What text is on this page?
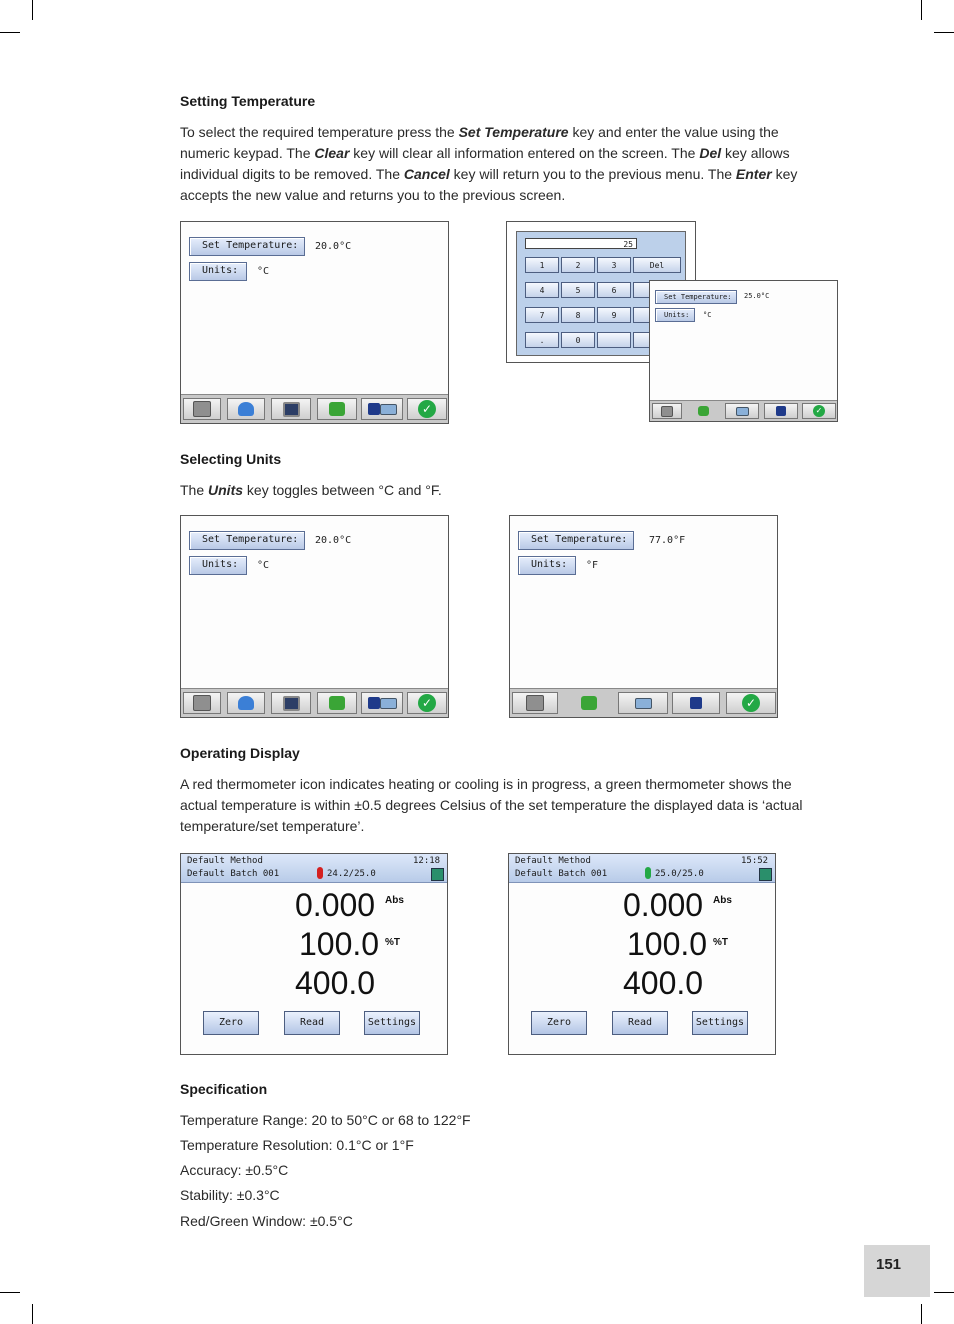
Setting Temperature

To select the required temperature press the Set Temperature key and enter the value using the numeric keypad. The Clear key will clear all information entered on the screen. The Del key allows individual digits to be removed. The Cancel key will return you to the previous menu. The Enter key accepts the new value and returns you to the previous screen.

Set Temperature:	20.0°C
Units:	°C
✓
25
1	2	3	Del
4	5	6
7	8	9
.	0
Set Temperature:	25.0°C
Units:	°C
✓
Selecting Units

The Units key toggles between °C and °F.

Set Temperature:	20.0°C
Units:	°C
✓
Set Temperature:	77.0°F
Units:	°F
✓
Operating Display

A red thermometer icon indicates heating or cooling is in progress, a green thermometer shows the actual temperature is within ±0.5 degrees Celsius of the set temperature the displayed data is ‘actual temperature/set temperature’.

Default Method
Default Batch 001	24.2/25.0
12:18
0.000 Abs
100.0 %T
400.0
Zero	Read	Settings
Default Method
Default Batch 001	25.0/25.0
15:52
0.000 Abs
100.0 %T
400.0
Zero	Read	Settings
Specification
Temperature Range: 20 to 50°C or 68 to 122°F
Temperature Resolution: 0.1°C or 1°F
Accuracy: ±0.5°C
Stability: ±0.3°C
Red/Green Window: ±0.5°C
151
